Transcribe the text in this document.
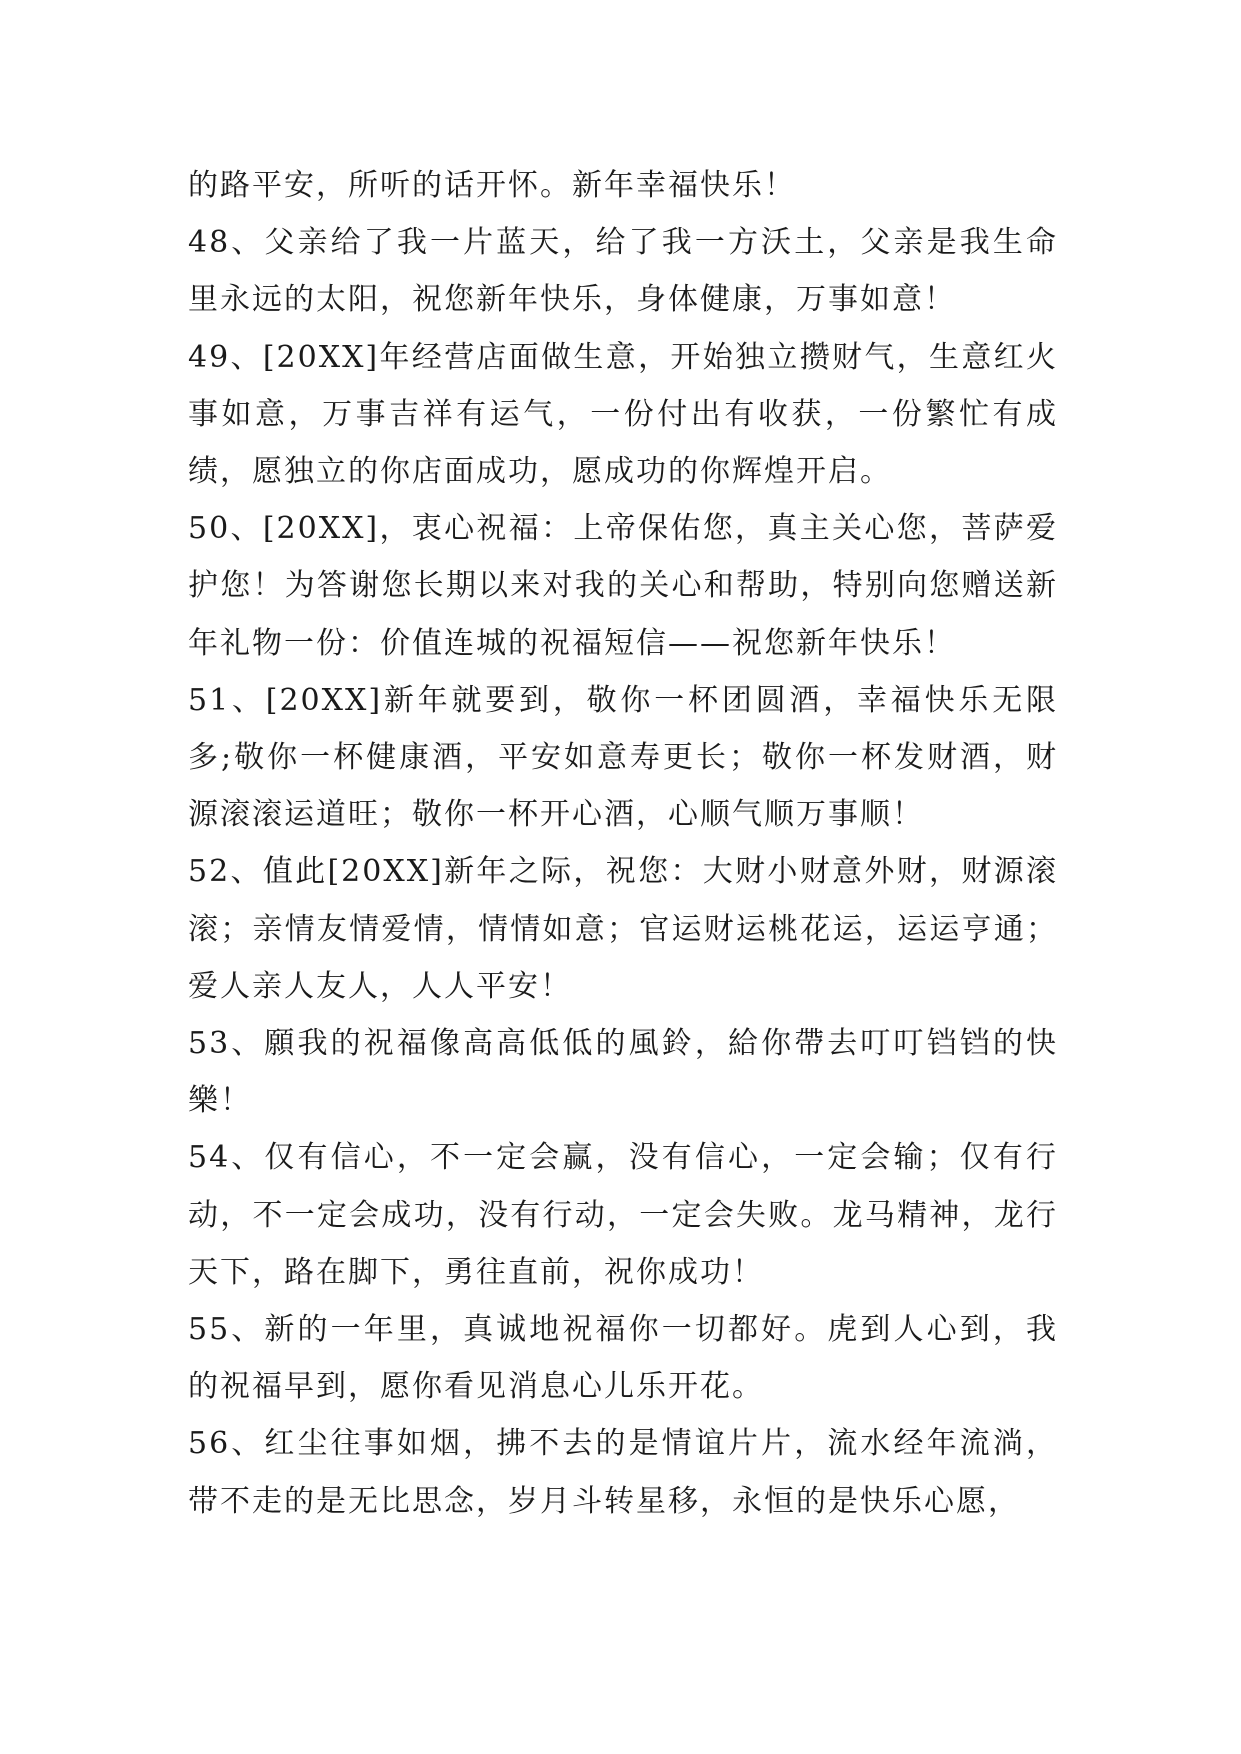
的路平安，所听的话开怀。新年幸福快乐！

48、父亲给了我一片蓝天，给了我一方沃土，父亲是我生命里永远的太阳，祝您新年快乐，身体健康，万事如意！

49、[20XX]年经营店面做生意，开始独立攒财气，生意红火事如意，万事吉祥有运气，一份付出有收获，一份繁忙有成绩，愿独立的你店面成功，愿成功的你辉煌开启。

50、[20XX]，衷心祝福：上帝保佑您，真主关心您，菩萨爱护您！为答谢您长期以来对我的关心和帮助，特别向您赠送新年礼物一份：价值连城的祝福短信——祝您新年快乐！

51、[20XX]新年就要到，敬你一杯团圆酒，幸福快乐无限多;敬你一杯健康酒，平安如意寿更长；敬你一杯发财酒，财源滚滚运道旺；敬你一杯开心酒，心顺气顺万事顺！

52、值此[20XX]新年之际，祝您：大财小财意外财，财源滚滚；亲情友情爱情，情情如意；官运财运桃花运，运运亨通；爱人亲人友人，人人平安！

53、願我的祝福像高高低低的風鈴，給你帶去叮叮铛铛的快樂！

54、仅有信心，不一定会赢，没有信心，一定会输；仅有行动，不一定会成功，没有行动，一定会失败。龙马精神，龙行天下，路在脚下，勇往直前，祝你成功！

55、新的一年里，真诚地祝福你一切都好。虎到人心到，我的祝福早到，愿你看见消息心儿乐开花。

56、红尘往事如烟，拂不去的是情谊片片，流水经年流淌，带不走的是无比思念，岁月斗转星移，永恒的是快乐心愿，
